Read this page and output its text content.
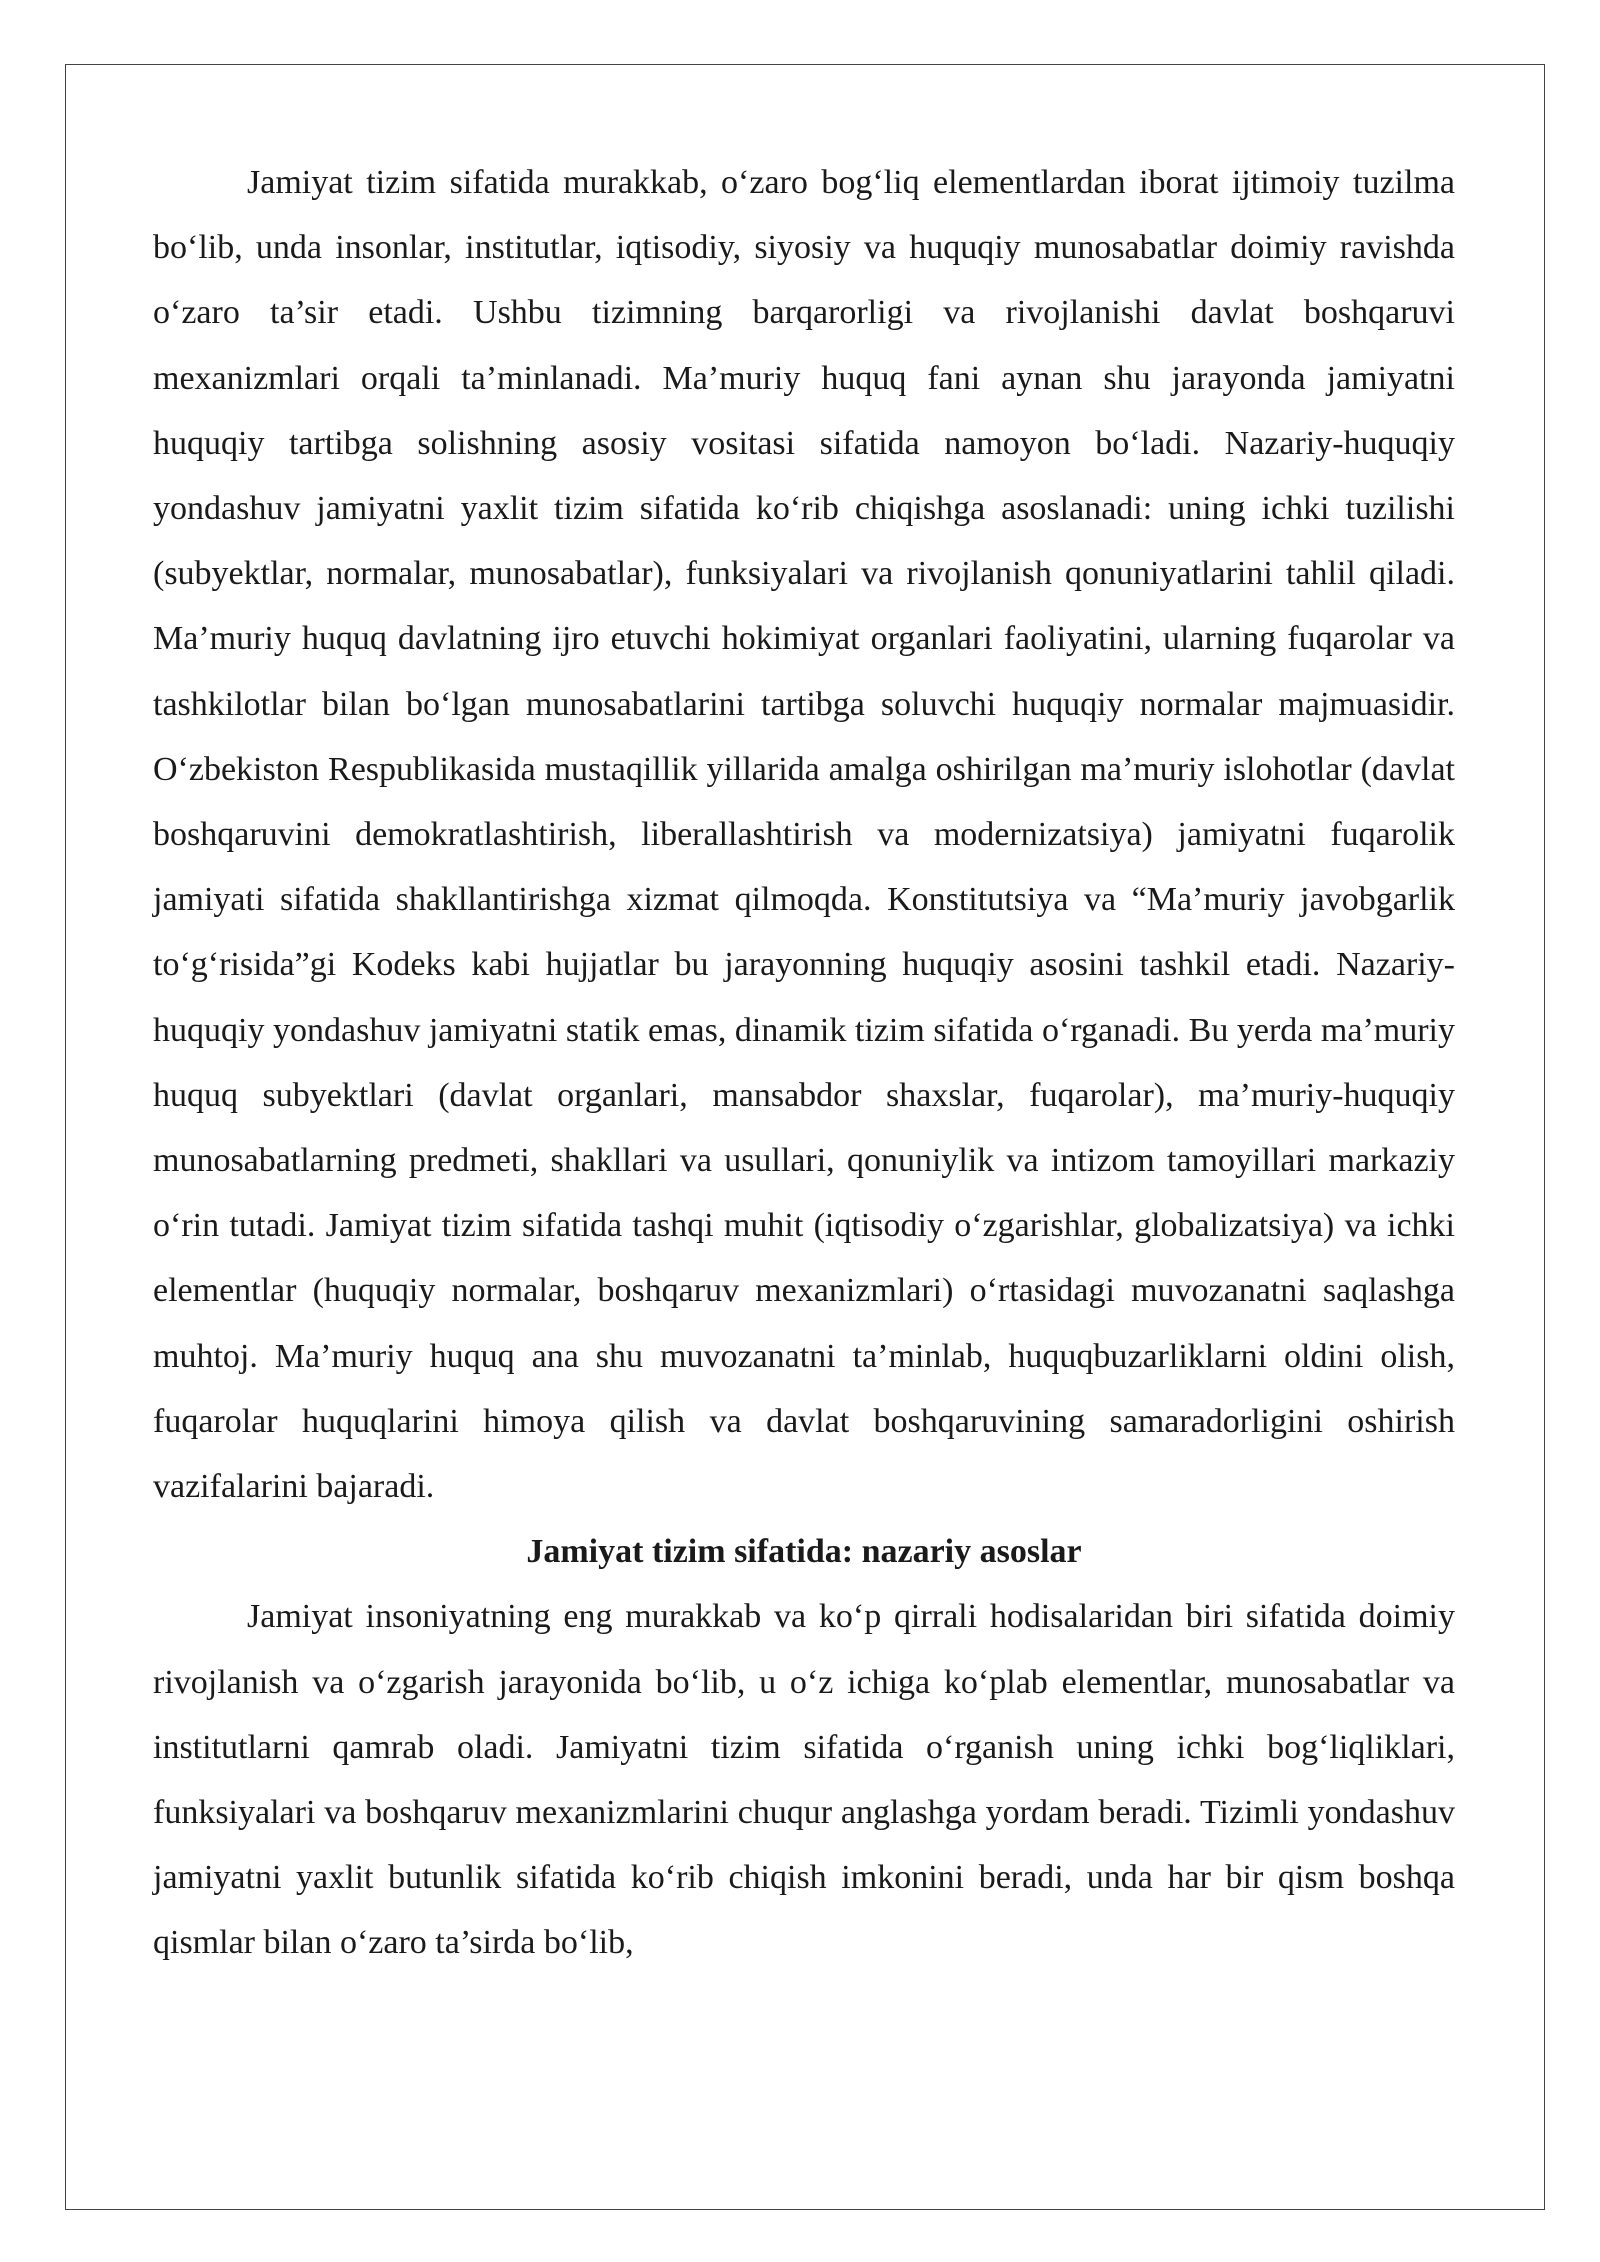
Jamiyat tizim sifatida murakkab, o‘zaro bog‘liq elementlardan iborat ijtimoiy tuzilma bo‘lib, unda insonlar, institutlar, iqtisodiy, siyosiy va huquqiy munosabatlar doimiy ravishda o‘zaro ta’sir etadi. Ushbu tizimning barqarorligi va rivojlanishi davlat boshqaruvi mexanizmlari orqali ta’minlanadi. Ma’muriy huquq fani aynan shu jarayonda jamiyatni huquqiy tartibga solishning asosiy vositasi sifatida namoyon bo‘ladi. Nazariy-huquqiy yondashuv jamiyatni yaxlit tizim sifatida ko‘rib chiqishga asoslanadi: uning ichki tuzilishi (subyektlar, normalar, munosabatlar), funksiyalari va rivojlanish qonuniyatlarini tahlil qiladi. Ma’muriy huquq davlatning ijro etuvchi hokimiyat organlari faoliyatini, ularning fuqarolar va tashkilotlar bilan bo‘lgan munosabatlarini tartibga soluvchi huquqiy normalar majmuasidir. O‘zbekiston Respublikasida mustaqillik yillarida amalga oshirilgan ma’muriy islohotlar (davlat boshqaruvini demokratlashtirish, liberallashtirish va modernizatsiya) jamiyatni fuqarolik jamiyati sifatida shakllantirishga xizmat qilmoqda. Konstitutsiya va “Ma’muriy javobgarlik to‘g‘risida”gi Kodeks kabi hujjatlar bu jarayonning huquqiy asosini tashkil etadi. Nazariy-huquqiy yondashuv jamiyatni statik emas, dinamik tizim sifatida o‘rganadi. Bu yerda ma’muriy huquq subyektlari (davlat organlari, mansabdor shaxslar, fuqarolar), ma’muriy-huquqiy munosabatlarning predmeti, shakllari va usullari, qonuniylik va intizom tamoyillari markaziy o‘rin tutadi. Jamiyat tizim sifatida tashqi muhit (iqtisodiy o‘zgarishlar, globalizatsiya) va ichki elementlar (huquqiy normalar, boshqaruv mexanizmlari) o‘rtasidagi muvozanatni saqlashga muhtoj. Ma’muriy huquq ana shu muvozanatni ta’minlab, huquqbuzarliklarni oldini olish, fuqarolar huquqlarini himoya qilish va davlat boshqaruvining samaradorligini oshirish vazifalarini bajaradi.

Jamiyat tizim sifatida: nazariy asoslar

Jamiyat insoniyatning eng murakkab va ko‘p qirrali hodisalaridan biri sifatida doimiy rivojlanish va o‘zgarish jarayonida bo‘lib, u o‘z ichiga ko‘plab elementlar, munosabatlar va institutlarni qamrab oladi. Jamiyatni tizim sifatida o‘rganish uning ichki bog‘liqliklari, funksiyalari va boshqaruv mexanizmlarini chuqur anglashga yordam beradi. Tizimli yondashuv jamiyatni yaxlit butunlik sifatida ko‘rib chiqish imkonini beradi, unda har bir qism boshqa qismlar bilan o‘zaro ta’sirda bo‘lib,
